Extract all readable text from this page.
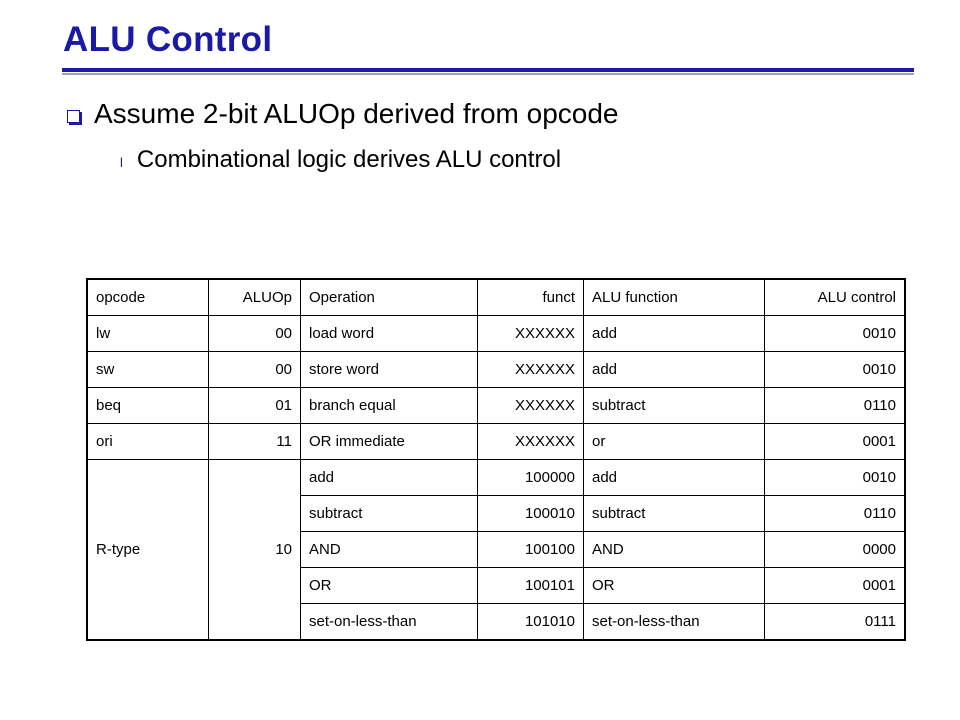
ALU Control
Assume 2-bit ALUOp derived from opcode
l Combinational logic derives ALU control
opcode	ALUOp	Operation	funct	ALU function	ALU control
lw	00	load word	XXXXXX	add	0010
sw	00	store word	XXXXXX	add	0010
beq	01	branch equal	XXXXXX	subtract	0110
ori	11	OR immediate	XXXXXX	or	0001
R-type	10	add	100000	add	0010
		subtract	100010	subtract	0110
		AND	100100	AND	0000
		OR	100101	OR	0001
		set-on-less-than	101010	set-on-less-than	0111
